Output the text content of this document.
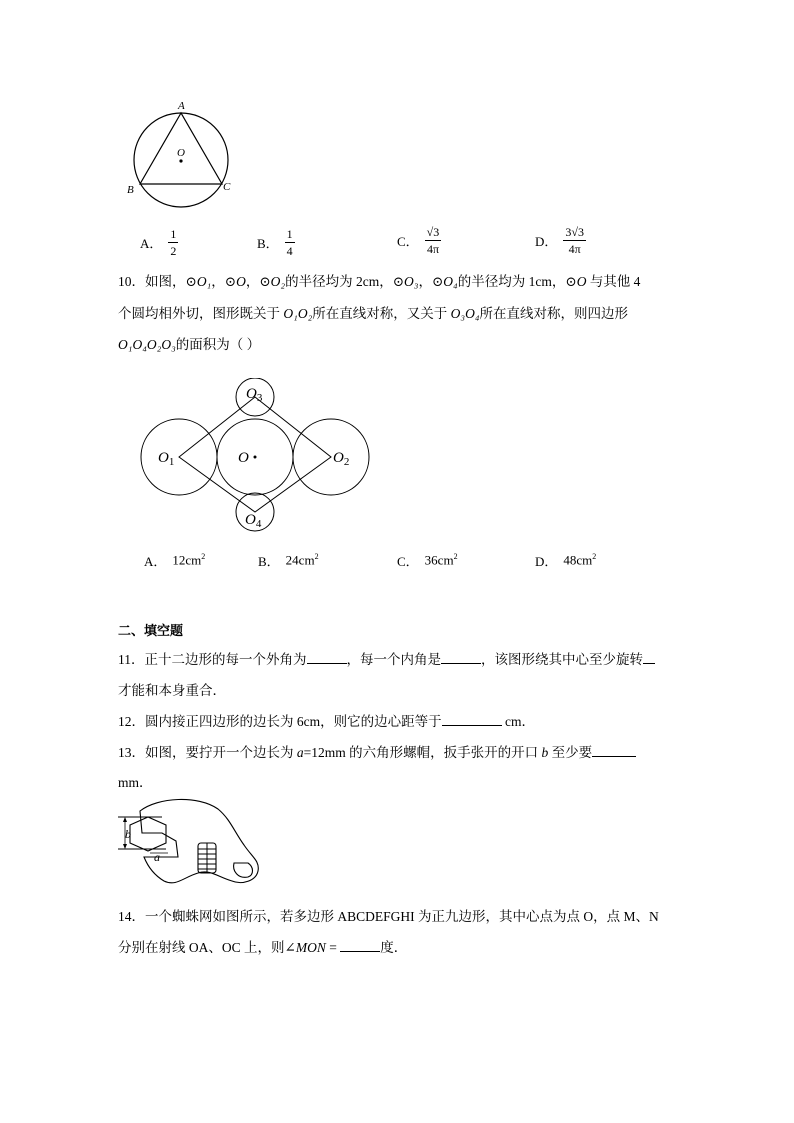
A
O
B	C
A． $\frac{1}{2}$	B． $\frac{1}{4}$	C． $\frac{√3}{4\pi}$	D． $\frac{3√3}{4\pi}$
10．如图，⊙O₁，⊙O，⊙O₂的半径均为 2cm，⊙O₃，⊙O₄的半径均为 1cm，⊙O 与其他 4
个圆均相外切，图形既关于 O₁O₂所在直线对称，又关于 O₃O₄所在直线对称，则四边形
O₁O₄O₂O₃的面积为（ ）
$O_1$	O	$O_2$
$O_3$
$O_4$
A． $12cm^2$	B． $24cm^2$	C． $36cm^2$	D． $48cm^2$
二、填空题
11．正十二边形的每一个外角为	，每一个内角是	，该图形绕其中心至少旋转
才能和本身重合．
12．圆内接正四边形的边长为 6cm，则它的边心距等于	cm．
13．如图，要拧开一个边长为 a=12mm 的六角形螺帽，扳手张开的开口 b 至少要
mm．
b
a
14．一个蜘蛛网如图所示，若多边形 ABCDEFGHI 为正九边形，其中心点为点 O，点 M、N
分别在射线 OA、OC 上，则∠MON =	度．
